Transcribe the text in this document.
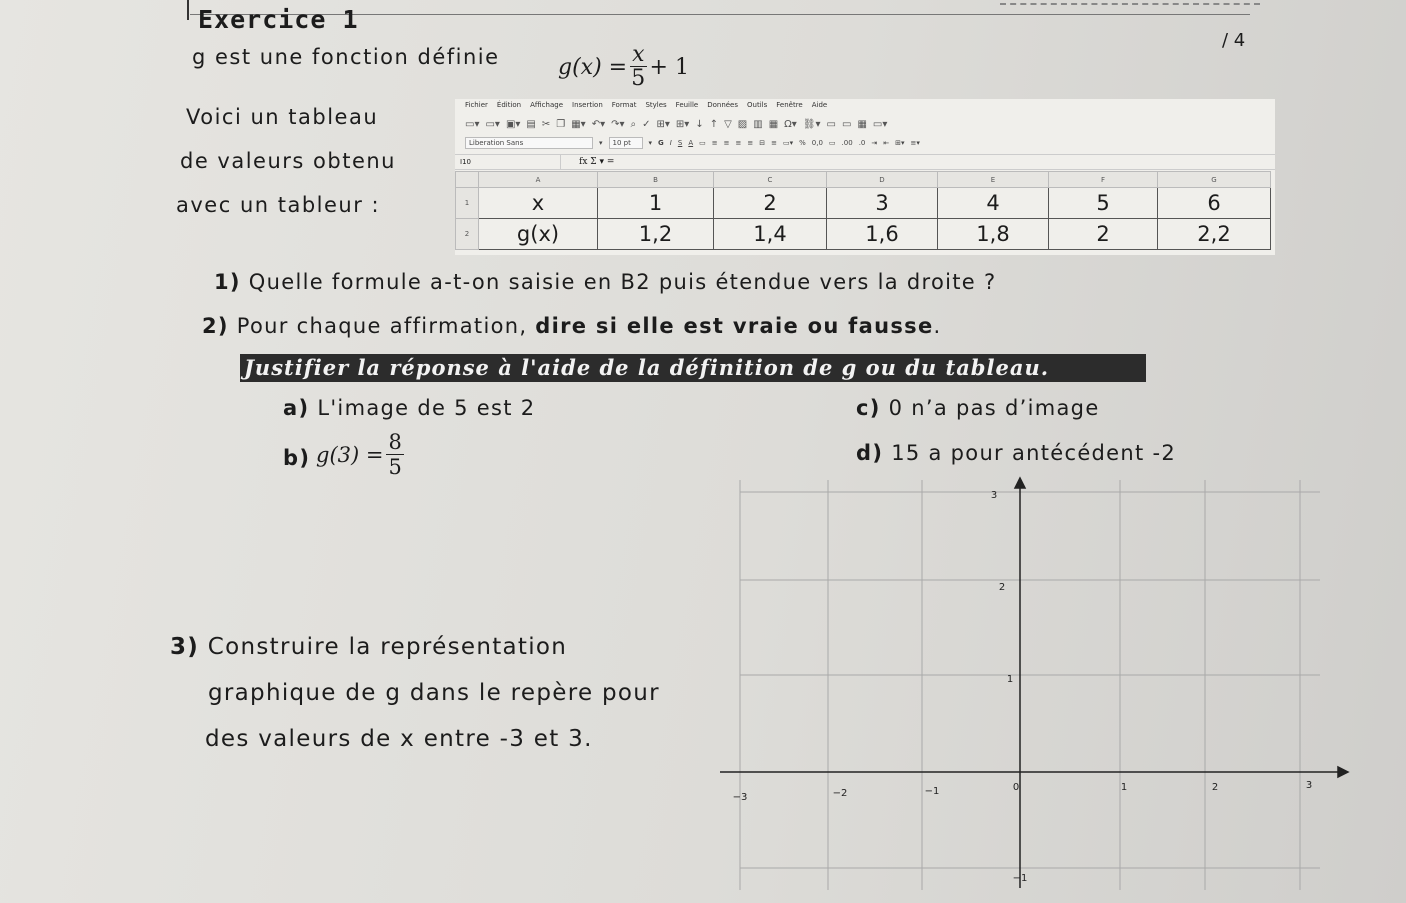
Exercice 1
/ 4
g est une fonction définie	$g(x) = \frac{x}{5} + 1$
Voici un tableau
de valeurs obtenu
avec un tableur :
Fichier Édition Affichage Insertion Format Styles Feuille Données Outils Fenêtre Aide
▭▾ ▭▾ ▣▾ ▤ ✂ ❐ ▦▾ ↶▾ ↷▾ ⌕ ✓ ⊞▾ ⊞▾ ↓ ↑ ▽ ▨ ▥ ▦ Ω▾ ⛓▾ ▭ ▭ ▦ ▭▾
Liberation Sans	▾	10 pt	▾ G I S A ▭ ≡ ≡ ≡ ≡ ⊟ ≡ ▭▾ % 0,0 ▭ .00 .0 ⇥ ⇤ ⊞▾ ≡▾
I10	fx Σ ▾ =
	A	B	C	D	E	F	G
1	x	1	2	3	4	5	6
2	g(x)	1,2	1,4	1,6	1,8	2	2,2
1) Quelle formule a-t-on saisie en B2 puis étendue vers la droite ?
2) Pour chaque affirmation, dire si elle est vraie ou fausse.
Justifier la réponse à l'aide de la définition de g ou du tableau.
a) L'image de 5 est 2	c) 0 n’a pas d’image
b) $g(3) = \frac{8}{5}$	d) 15 a pour antécédent -2
3) Construire la représentation
graphique de g dans le repère pour
des valeurs de x entre -3 et 3.
−3	−2	−1	0	1	2	3
3
2
1
−1
